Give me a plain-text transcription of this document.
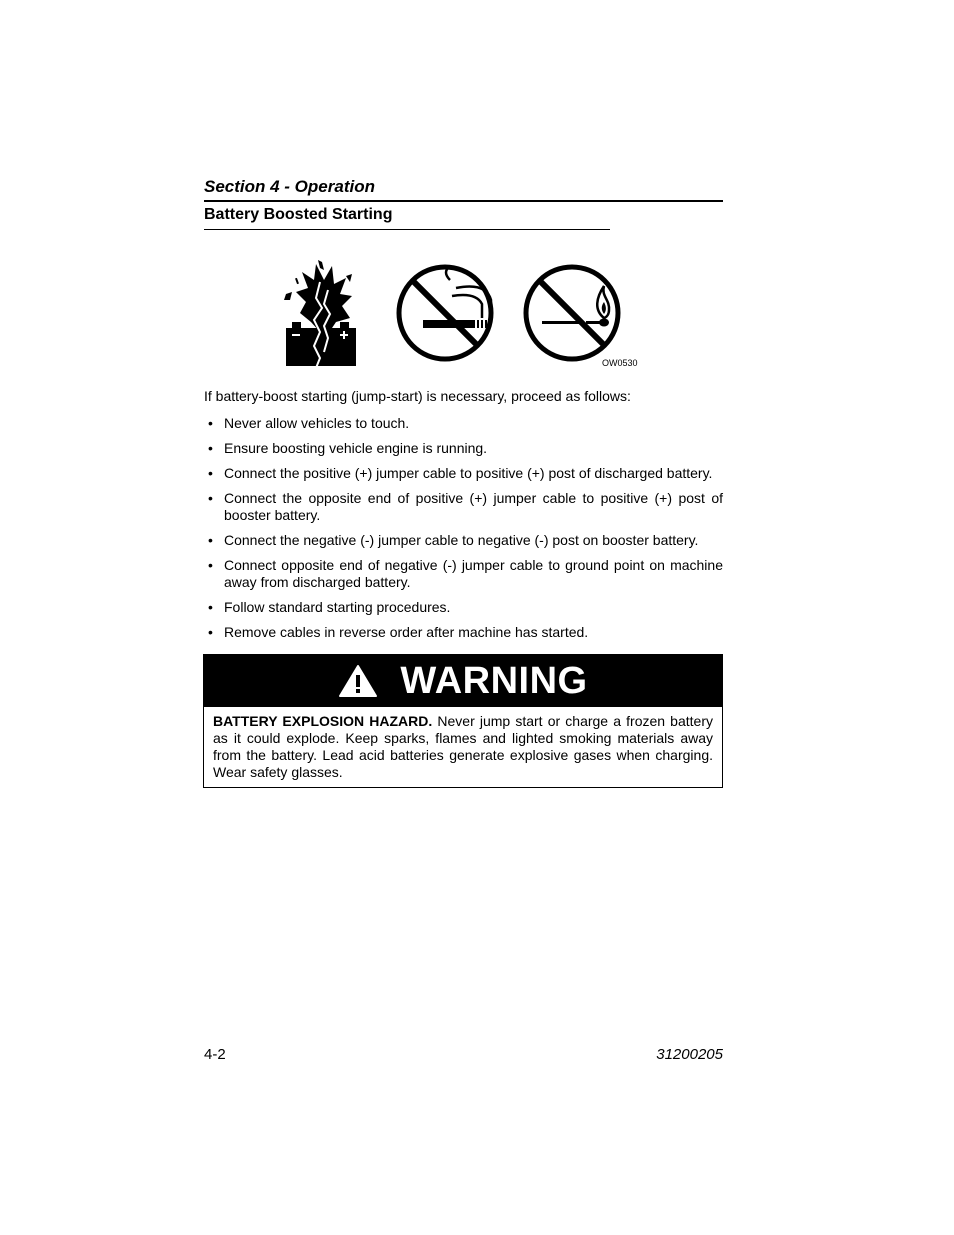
Section 4 - Operation
Battery Boosted Starting
OW0530
If battery-boost starting (jump-start) is necessary, proceed as follows:
• Never allow vehicles to touch.
• Ensure boosting vehicle engine is running.
• Connect the positive (+) jumper cable to positive (+) post of discharged battery.
• Connect the opposite end of positive (+) jumper cable to positive (+) post of booster battery.
• Connect the negative (-) jumper cable to negative (-) post on booster battery.
• Connect opposite end of negative (-) jumper cable to ground point on machine away from discharged battery.
• Follow standard starting procedures.
• Remove cables in reverse order after machine has started.
WARNING
BATTERY EXPLOSION HAZARD. Never jump start or charge a frozen battery as it could explode. Keep sparks, flames and lighted smoking materials away from the battery. Lead acid batteries generate explosive gases when charging. Wear safety glasses.
4-2	31200205
